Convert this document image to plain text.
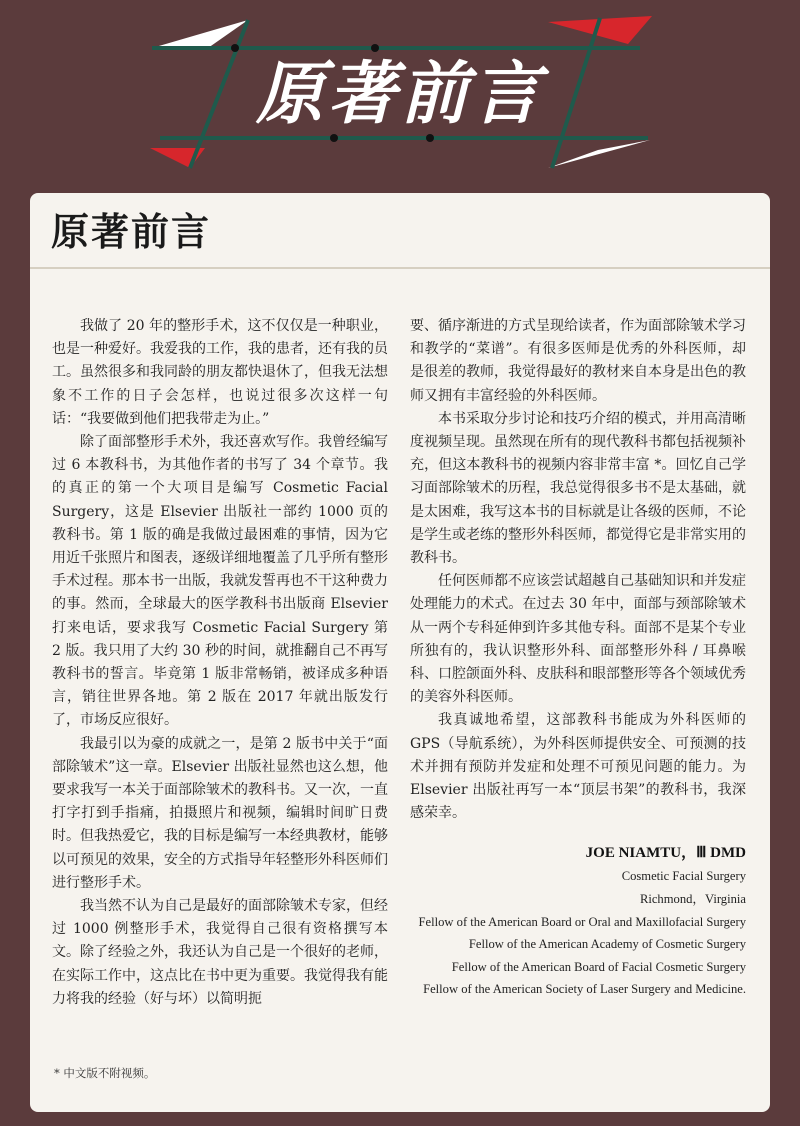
原著前言
原著前言

我做了 20 年的整形手术，这不仅仅是一种职业，也是一种爱好。我爱我的工作，我的患者，还有我的员工。虽然很多和我同龄的朋友都快退休了，但我无法想象不工作的日子会怎样，也说过很多次这样一句话：“我要做到他们把我带走为止。”

除了面部整形手术外，我还喜欢写作。我曾经编写过 6 本教科书，为其他作者的书写了 34 个章节。我的真正的第一个大项目是编写 Cosmetic Facial Surgery，这是 Elsevier 出版社一部约 1000 页的教科书。第 1 版的确是我做过最困难的事情，因为它用近千张照片和图表，逐级详细地覆盖了几乎所有整形手术过程。那本书一出版，我就发誓再也不干这种费力的事。然而，全球最大的医学教科书出版商 Elsevier 打来电话，要求我写 Cosmetic Facial Surgery 第 2 版。我只用了大约 30 秒的时间，就推翻自己不再写教科书的誓言。毕竟第 1 版非常畅销，被译成多种语言，销往世界各地。第 2 版在 2017 年就出版发行了，市场反应很好。

我最引以为豪的成就之一，是第 2 版书中关于“面部除皱术”这一章。Elsevier 出版社显然也这么想，他要求我写一本关于面部除皱术的教科书。又一次，一直打字打到手指痛，拍摄照片和视频，编辑时间旷日费时。但我热爱它，我的目标是编写一本经典教材，能够以可预见的效果，安全的方式指导年轻整形外科医师们进行整形手术。

我当然不认为自己是最好的面部除皱术专家，但经过 1000 例整形手术，我觉得自己很有资格撰写本文。除了经验之外，我还认为自己是一个很好的老师，在实际工作中，这点比在书中更为重要。我觉得我有能力将我的经验（好与坏）以简明扼

要、循序渐进的方式呈现给读者，作为面部除皱术学习和教学的“菜谱”。有很多医师是优秀的外科医师，却是很差的教师，我觉得最好的教材来自本身是出色的教师又拥有丰富经验的外科医师。

本书采取分步讨论和技巧介绍的模式，并用高清晰度视频呈现。虽然现在所有的现代教科书都包括视频补充，但这本教科书的视频内容非常丰富 *。回忆自己学习面部除皱术的历程，我总觉得很多书不是太基础，就是太困难，我写这本书的目标就是让各级的医师，不论是学生或老练的整形外科医师，都觉得它是非常实用的教科书。

任何医师都不应该尝试超越自己基础知识和并发症处理能力的术式。在过去 30 年中，面部与颈部除皱术从一两个专科延伸到许多其他专科。面部不是某个专业所独有的，我认识整形外科、面部整形外科 / 耳鼻喉科、口腔颌面外科、皮肤科和眼部整形等各个领域优秀的美容外科医师。

我真诚地希望，这部教科书能成为外科医师的 GPS（导航系统），为外科医师提供安全、可预测的技术并拥有预防并发症和处理不可预见问题的能力。为 Elsevier 出版社再写一本“顶层书架”的教科书，我深感荣幸。

JOE NIAMTU，Ⅲ DMD
Cosmetic Facial Surgery
Richmond，Virginia
Fellow of the American Board or Oral and Maxillofacial Surgery
Fellow of the American Academy of Cosmetic Surgery
Fellow of the American Board of Facial Cosmetic Surgery
Fellow of the American Society of Laser Surgery and Medicine.
* 中文版不附视频。
